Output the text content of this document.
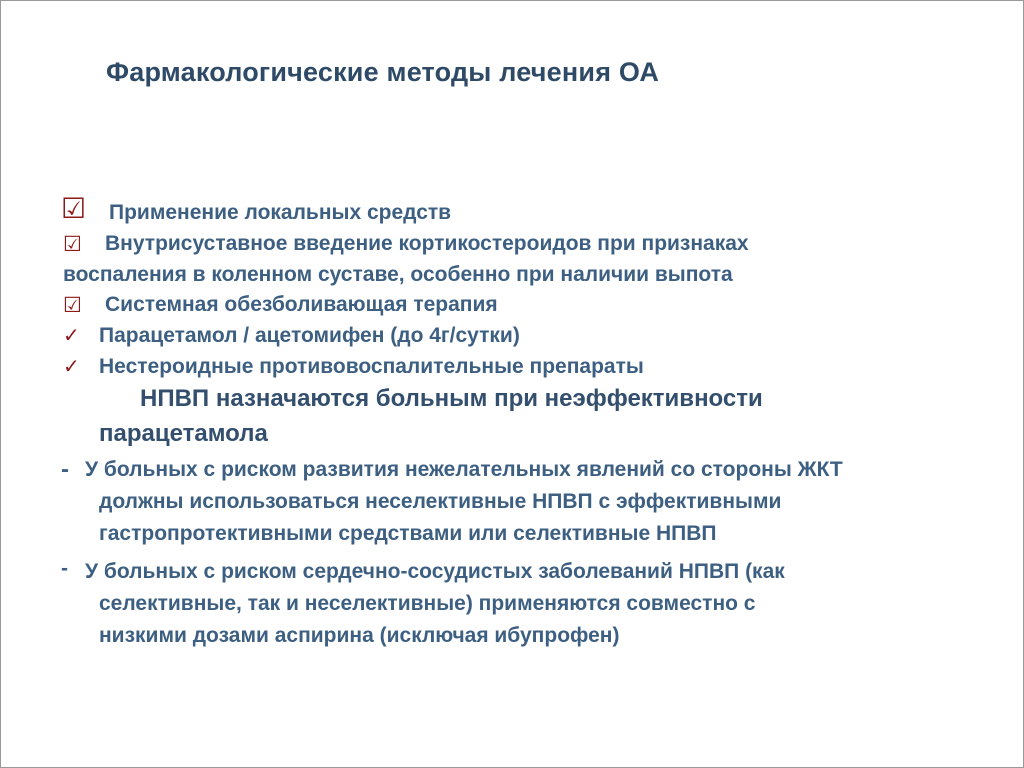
Фармакологические методы лечения ОА
☑ Применение локальных средств
☑ Внутрисуставное введение кортикостероидов при признаках
воспаления в коленном суставе, особенно при наличии выпота
☑ Системная обезболивающая терапия
✓ Парацетамол / ацетомифен (до 4г/сутки)
✓ Нестероидные противовоспалительные препараты
НПВП назначаются больным при неэффективности
парацетамола
- У больных с риском развития нежелательных явлений со стороны ЖКТ
должны использоваться неселективные НПВП с эффективными
гастропротективными средствами или селективные НПВП
- У больных с риском сердечно-сосудистых заболеваний НПВП (как
селективные, так и неселективные) применяются совместно с
низкими дозами аспирина (исключая ибупрофен)
